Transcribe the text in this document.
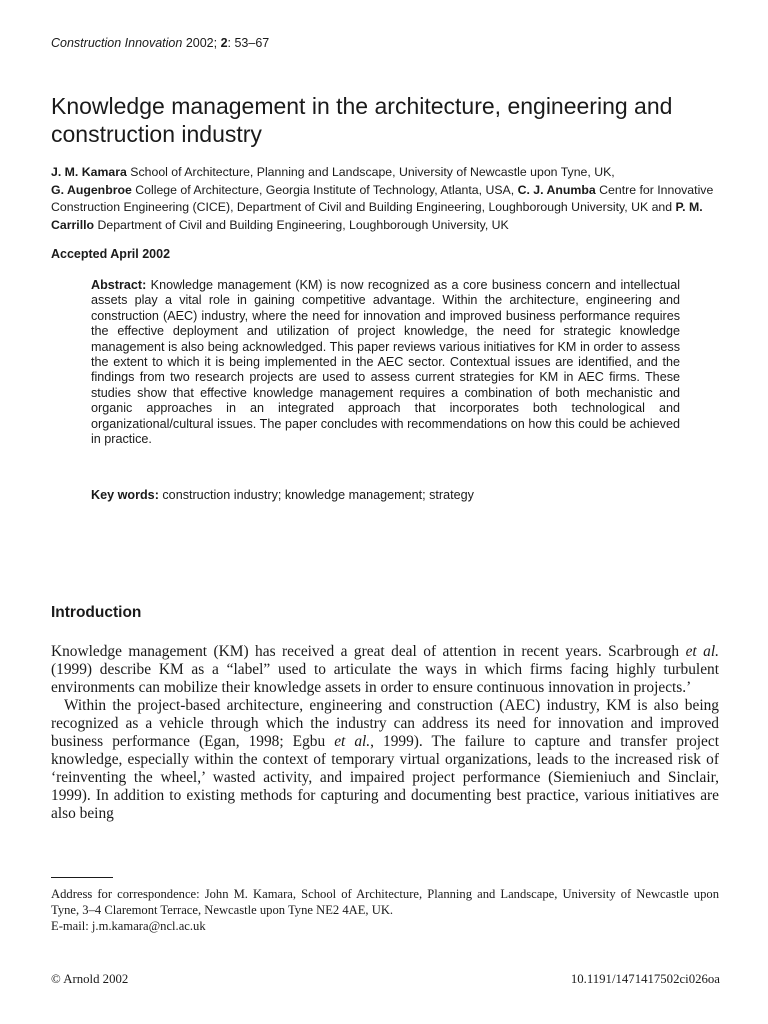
Construction Innovation 2002; 2: 53–67
Knowledge management in the architecture, engineering and construction industry
J. M. Kamara School of Architecture, Planning and Landscape, University of Newcastle upon Tyne, UK,
G. Augenbroe College of Architecture, Georgia Institute of Technology, Atlanta, USA, C. J. Anumba Centre for Innovative Construction Engineering (CICE), Department of Civil and Building Engineering, Loughborough University, UK and P. M. Carrillo Department of Civil and Building Engineering, Loughborough University, UK
Accepted April 2002
Abstract: Knowledge management (KM) is now recognized as a core business concern and intellectual assets play a vital role in gaining competitive advantage. Within the architecture, engineering and construction (AEC) industry, where the need for innovation and improved business performance requires the effective deployment and utilization of project knowledge, the need for strategic knowledge management is also being acknowledged. This paper reviews various initiatives for KM in order to assess the extent to which it is being implemented in the AEC sector. Contextual issues are identified, and the findings from two research projects are used to assess current strategies for KM in AEC firms. These studies show that effective knowledge management requires a combination of both mechanistic and organic approaches in an integrated approach that incorporates both technological and organizational/cultural issues. The paper concludes with recommendations on how this could be achieved in practice.
Key words: construction industry; knowledge management; strategy
Introduction

Knowledge management (KM) has received a great deal of attention in recent years. Scarbrough et al. (1999) describe KM as a “label” used to articulate the ways in which firms facing highly turbulent environments can mobilize their knowledge assets in order to ensure continuous innovation in projects.’

Within the project-based architecture, engineering and construction (AEC) industry, KM is also being recognized as a vehicle through which the industry can address its need for innovation and improved business performance (Egan, 1998; Egbu et al., 1999). The failure to capture and transfer project knowledge, especially within the context of temporary virtual organizations, leads to the increased risk of ‘reinventing the wheel,’ wasted activity, and impaired project performance (Siemieniuch and Sinclair, 1999). In addition to existing methods for capturing and documenting best practice, various initiatives are also being

Address for correspondence: John M. Kamara, School of Architecture, Planning and Landscape, University of Newcastle upon Tyne, 3–4 Claremont Terrace, Newcastle upon Tyne NE2 4AE, UK.
E-mail: j.m.kamara@ncl.ac.uk
© Arnold 2002	10.1191/1471417502ci026oa
